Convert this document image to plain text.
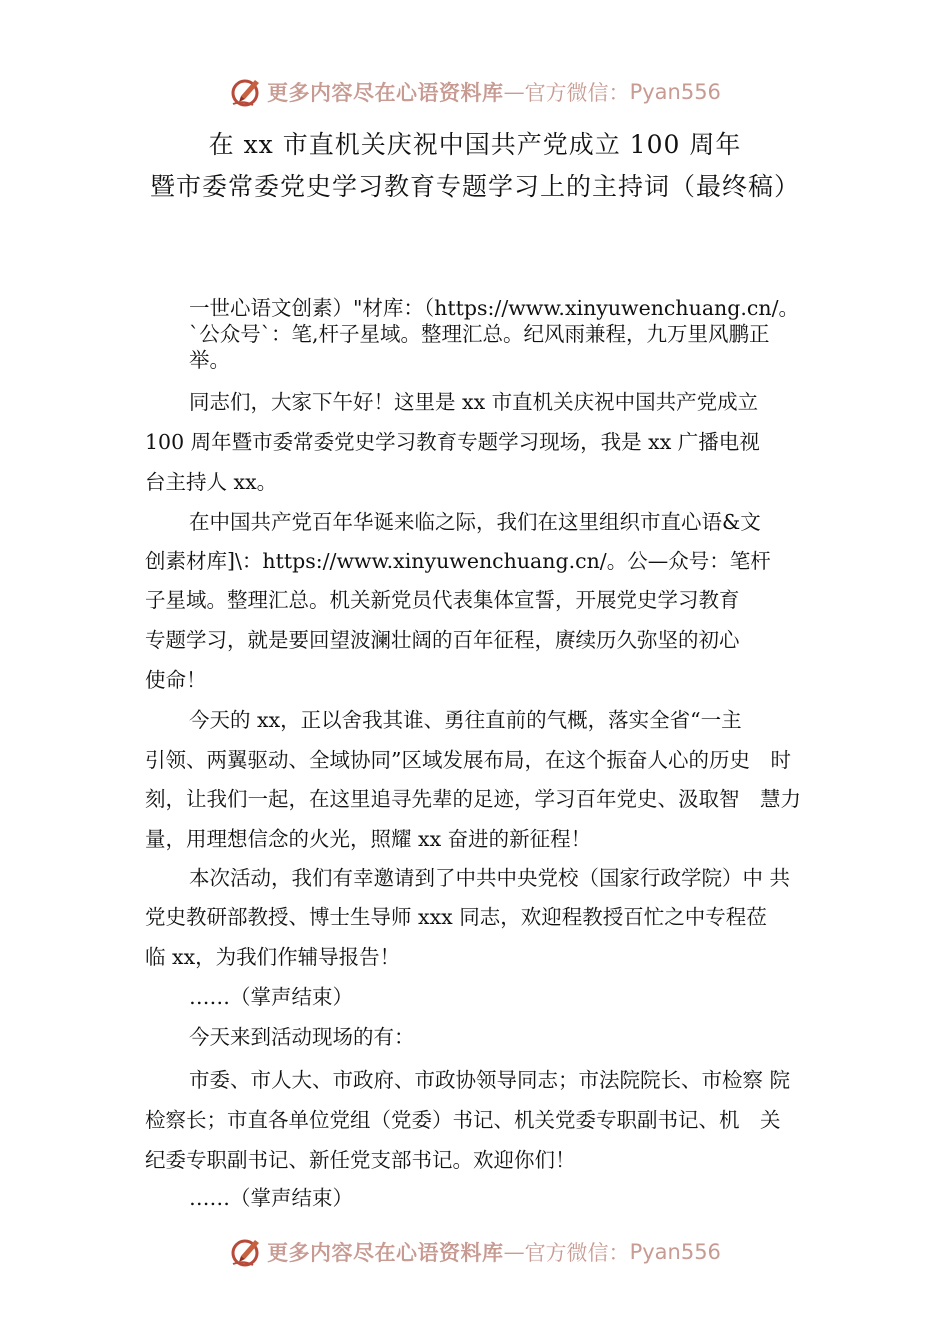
更多内容尽在心语资料库 — 官方微信： Pyan556
在 xx 市直机关庆祝中国共产党成立 100 周年
暨市委常委党史学习教育专题学习上的主持词（最终稿）
一世心语文创素）"材库：（https://www.xinyuwenchuang.cn/。
`公众号`：笔,杆子星域。整理汇总。纪风雨兼程，九万里风鹏正
举。
同志们，大家下午好！这里是 xx 市直机关庆祝中国共产党成立
100 周年暨市委常委党史学习教育专题学习现场，我是 xx 广播电视
台主持人 xx。
在中国共产党百年华诞来临之际，我们在这里组织市直心语&文
创素材库]\：https://www.xinyuwenchuang.cn/。公—众号：笔杆
子星域。整理汇总。机关新党员代表集体宣誓，开展党史学习教育
专题学习，就是要回望波澜壮阔的百年征程，赓续历久弥坚的初心
使命！
今天的 xx，正以舍我其谁、勇往直前的气概，落实全省“一主
引领、两翼驱动、全域协同”区域发展布局，在这个振奋人心的历史　时
刻，让我们一起，在这里追寻先辈的足迹，学习百年党史、汲取智　慧力
量，用理想信念的火光，照耀 xx 奋进的新征程！
本次活动，我们有幸邀请到了中共中央党校（国家行政学院）中 共
党史教研部教授、博士生导师 xxx 同志，欢迎程教授百忙之中专程莅
临 xx，为我们作辅导报告！
……（掌声结束）
今天来到活动现场的有：
市委、市人大、市政府、市政协领导同志；市法院院长、市检察 院
检察长；市直各单位党组（党委）书记、机关党委专职副书记、机　关
纪委专职副书记、新任党支部书记。欢迎你们！
……（掌声结束）
更多内容尽在心语资料库 — 官方微信： Pyan556
